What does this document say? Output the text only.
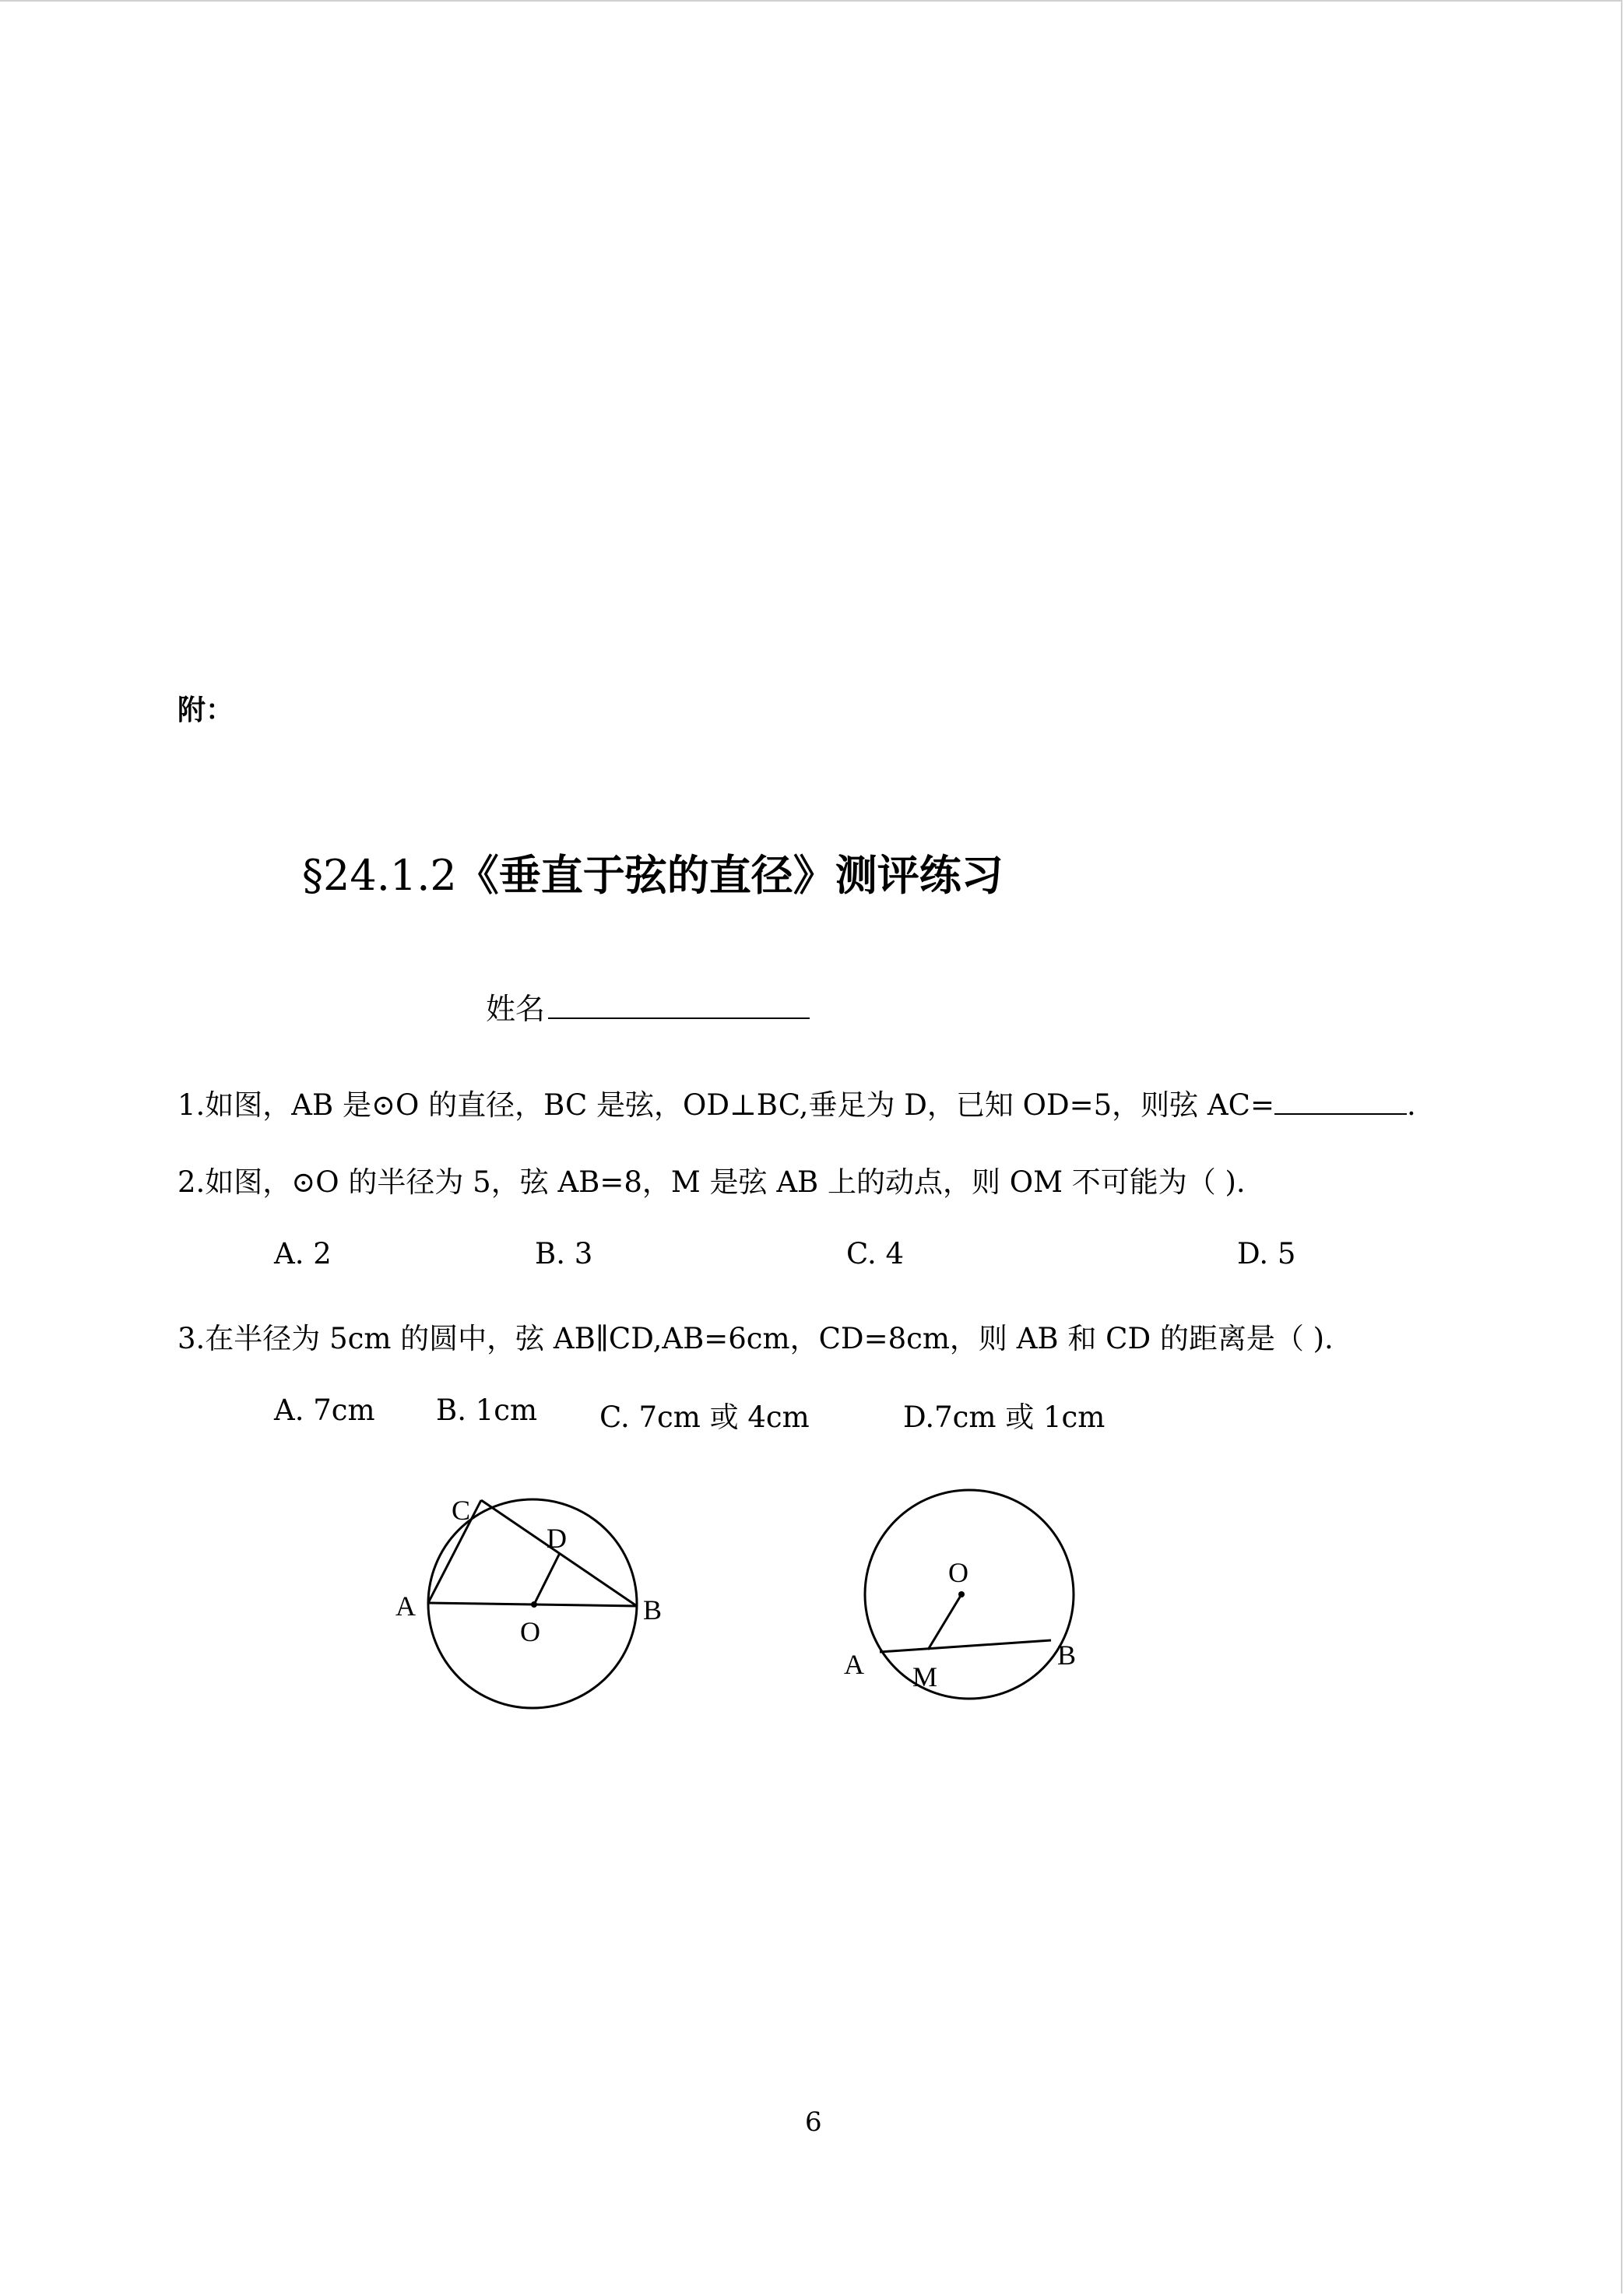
附：
§24.1.2《垂直于弦的直径》测评练习
姓名
1.如图，AB 是⊙O 的直径，BC 是弦，OD⊥BC,垂足为 D，已知 OD=5，则弦 AC=	.
2.如图，⊙O 的半径为 5，弦 AB=8，M 是弦 AB 上的动点，则 OM 不可能为（ ).
A. 2	B. 3	C. 4	D. 5
3.在半径为 5cm 的圆中，弦 AB∥CD,AB=6cm，CD=8cm，则 AB 和 CD 的距离是（ ).
A. 7cm B. 1cm C. 7cm 或 4cm	D.7cm 或 1cm
C
D
A
O
B
O
A M
B
6
